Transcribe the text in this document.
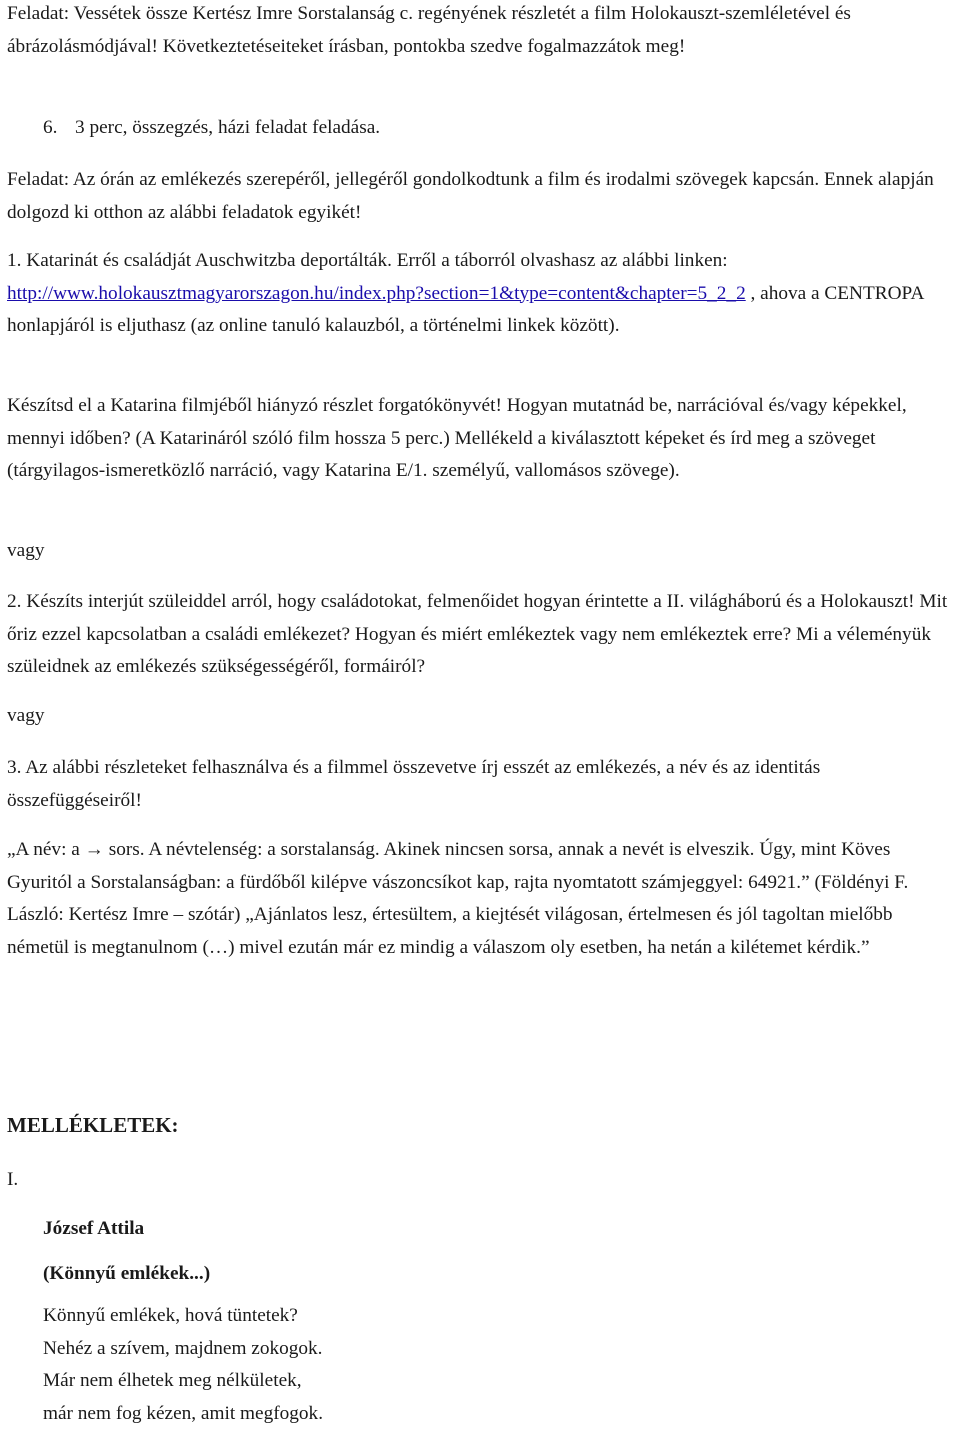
Feladat: Vessétek össze Kertész Imre Sorstalanság c. regényének részletét a film Holokauszt-szemléletével és ábrázolásmódjával! Következtetéseiteket írásban, pontokba szedve fogalmazzátok meg!

6. 3 perc, összegzés, házi feladat feladása.

Feladat: Az órán az emlékezés szerepéről, jellegéről gondolkodtunk a film és irodalmi szövegek kapcsán. Ennek alapján dolgozd ki otthon az alábbi feladatok egyikét!

1. Katarinát és családját Auschwitzba deportálták. Erről a táborról olvashasz az alábbi linken: http://www.holokausztmagyarorszagon.hu/index.php?section=1&type=content&chapter=5_2_2 , ahova a CENTROPA honlapjáról is eljuthasz (az online tanuló kalauzból, a történelmi linkek között).

Készítsd el a Katarina filmjéből hiányzó részlet forgatókönyvét! Hogyan mutatnád be, narrációval és/vagy képekkel, mennyi időben? (A Katarináról szóló film hossza 5 perc.) Mellékeld a kiválasztott képeket és írd meg a szöveget (tárgyilagos-ismeretközlő narráció, vagy Katarina E/1. személyű, vallomásos szövege).

vagy

2. Készíts interjút szüleiddel arról, hogy családotokat, felmenőidet hogyan érintette a II. világháború és a Holokauszt! Mit őriz ezzel kapcsolatban a családi emlékezet? Hogyan és miért emlékeztek vagy nem emlékeztek erre? Mi a véleményük szüleidnek az emlékezés szükségességéről, formáiról?

vagy

3. Az alábbi részleteket felhasználva és a filmmel összevetve írj esszét az emlékezés, a név és az identitás összefüggéseiről!

„A név: a → sors. A névtelenség: a sorstalanság. Akinek nincsen sorsa, annak a nevét is elveszik. Úgy, mint Köves Gyuritól a Sorstalanságban: a fürdőből kilépve vászoncsíkot kap, rajta nyomtatott számjeggyel: 64921.” (Földényi F. László: Kertész Imre – szótár) „Ajánlatos lesz, értesültem, a kiejtését világosan, értelmesen és jól tagoltan mielőbb németül is megtanulnom (…) mivel ezután már ez mindig a válaszom oly esetben, ha netán a kilétemet kérdik.”

MELLÉKLETEK:

I.

József Attila
(Könnyű emlékek...)
Könnyű emlékek, hová tüntetek?
Nehéz a szívem, majdnem zokogok.
Már nem élhetek meg nélkületek,
már nem fog kézen, amit megfogok.
